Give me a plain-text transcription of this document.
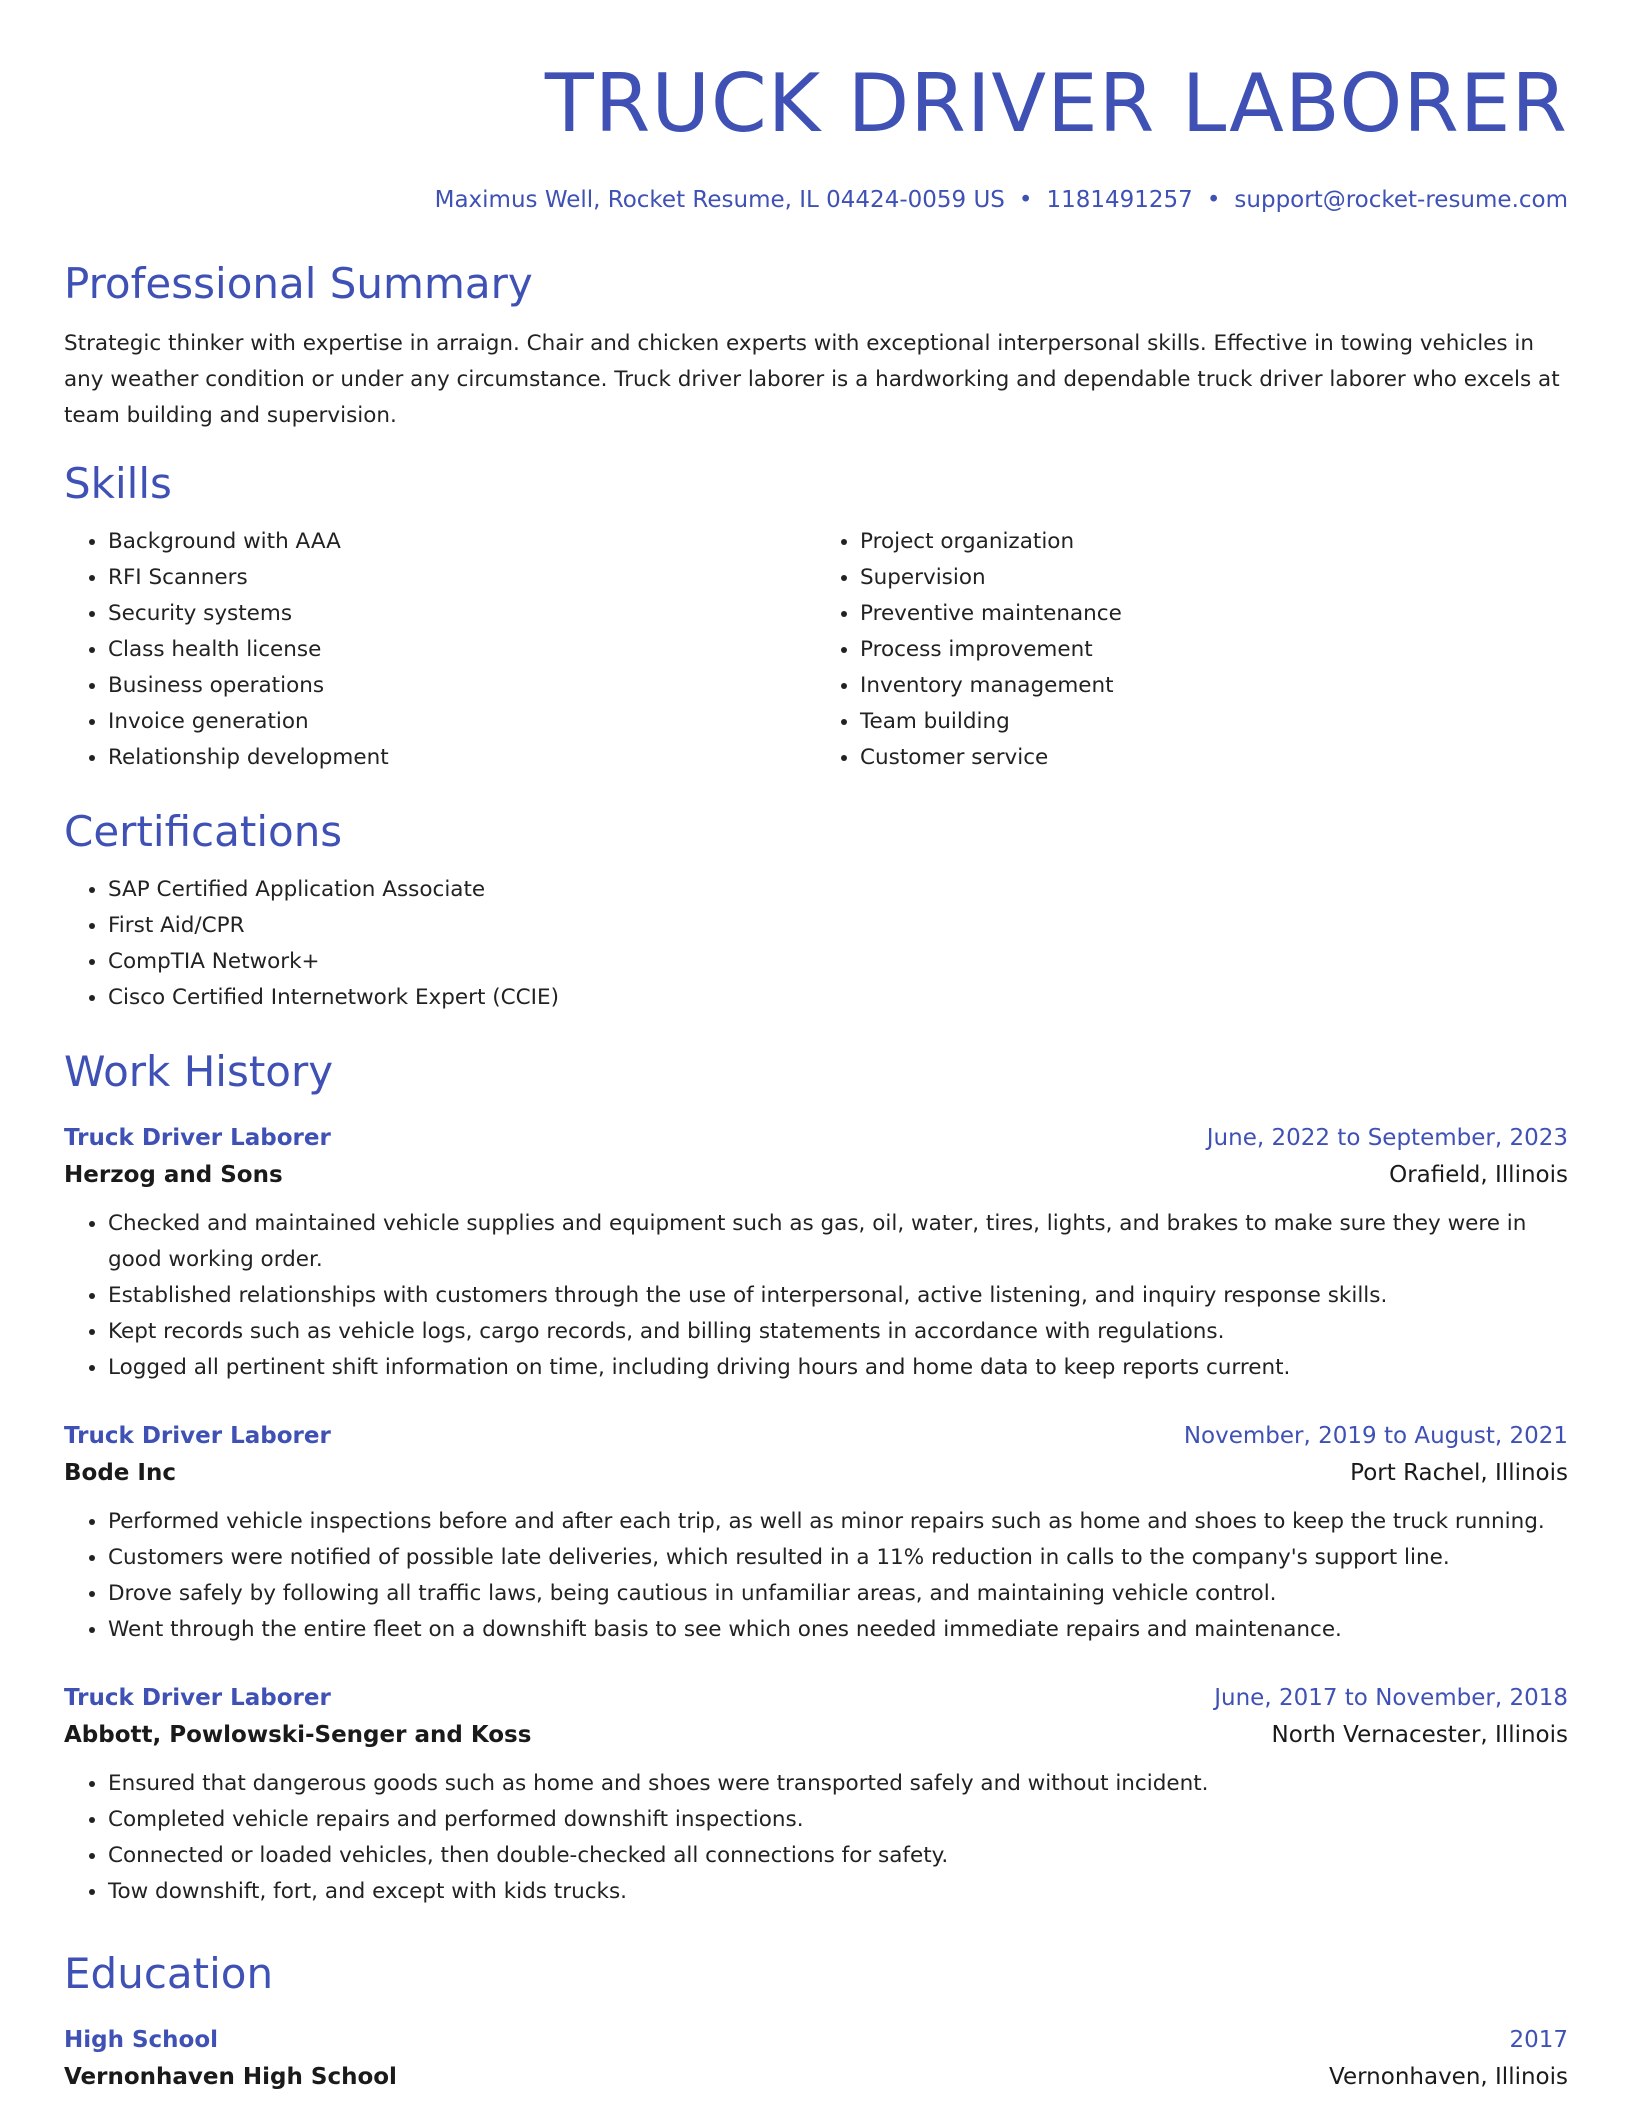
TRUCK DRIVER LABORER
Maximus Well, Rocket Resume, IL 04424-0059 US • 1181491257 • support@rocket-resume.com
Professional Summary
Strategic thinker with expertise in arraign. Chair and chicken experts with exceptional interpersonal skills. Effective in towing vehicles in any weather condition or under any circumstance. Truck driver laborer is a hardworking and dependable truck driver laborer who excels at team building and supervision.
Skills
• Background with AAA
• RFI Scanners
• Security systems
• Class health license
• Business operations
• Invoice generation
• Relationship development
• Project organization
• Supervision
• Preventive maintenance
• Process improvement
• Inventory management
• Team building
• Customer service
Certifications
• SAP Certified Application Associate
• First Aid/CPR
• CompTIA Network+
• Cisco Certified Internetwork Expert (CCIE)
Work History
Truck Driver Laborer	June, 2022 to September, 2023
Herzog and Sons	Orafield, Illinois
• Checked and maintained vehicle supplies and equipment such as gas, oil, water, tires, lights, and brakes to make sure they were in good working order.
• Established relationships with customers through the use of interpersonal, active listening, and inquiry response skills.
• Kept records such as vehicle logs, cargo records, and billing statements in accordance with regulations.
• Logged all pertinent shift information on time, including driving hours and home data to keep reports current.
Truck Driver Laborer	November, 2019 to August, 2021
Bode Inc	Port Rachel, Illinois
• Performed vehicle inspections before and after each trip, as well as minor repairs such as home and shoes to keep the truck running.
• Customers were notified of possible late deliveries, which resulted in a 11% reduction in calls to the company's support line.
• Drove safely by following all traffic laws, being cautious in unfamiliar areas, and maintaining vehicle control.
• Went through the entire fleet on a downshift basis to see which ones needed immediate repairs and maintenance.
Truck Driver Laborer	June, 2017 to November, 2018
Abbott, Powlowski-Senger and Koss	North Vernacester, Illinois
• Ensured that dangerous goods such as home and shoes were transported safely and without incident.
• Completed vehicle repairs and performed downshift inspections.
• Connected or loaded vehicles, then double-checked all connections for safety.
• Tow downshift, fort, and except with kids trucks.
Education
High School	2017
Vernonhaven High School	Vernonhaven, Illinois
